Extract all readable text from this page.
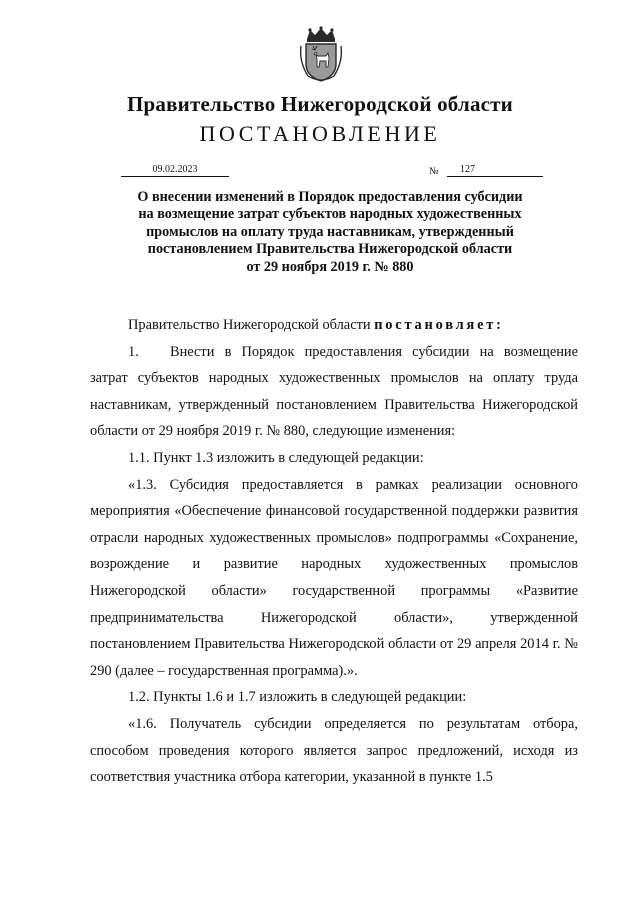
Правительство Нижегородской области
ПОСТАНОВЛЕНИЕ
09.02.2023	№	127
О внесении изменений в Порядок предоставления субсидии
на возмещение затрат субъектов народных художественных
промыслов на оплату труда наставникам, утвержденный
постановлением Правительства Нижегородской области
от 29 ноября 2019 г. № 880

Правительство Нижегородской области постановляет:

1. Внести в Порядок предоставления субсидии на возмещение затрат субъектов народных художественных промыслов на оплату труда наставникам, утвержденный постановлением Правительства Нижегородской области от 29 ноября 2019 г. № 880, следующие изменения:

1.1. Пункт 1.3 изложить в следующей редакции:

«1.3. Субсидия предоставляется в рамках реализации основного мероприятия «Обеспечение финансовой государственной поддержки развития отрасли народных художественных промыслов» подпрограммы «Сохранение, возрождение и развитие народных художественных промыслов Нижегородской области» государственной программы «Развитие предпринимательства Нижегородской области», утвержденной постановлением Правительства Нижегородской области от 29 апреля 2014 г. № 290 (далее – государственная программа).».

1.2. Пункты 1.6 и 1.7 изложить в следующей редакции:

«1.6. Получатель субсидии определяется по результатам отбора, способом проведения которого является запрос предложений, исходя из соответствия участника отбора категории, указанной в пункте 1.5
